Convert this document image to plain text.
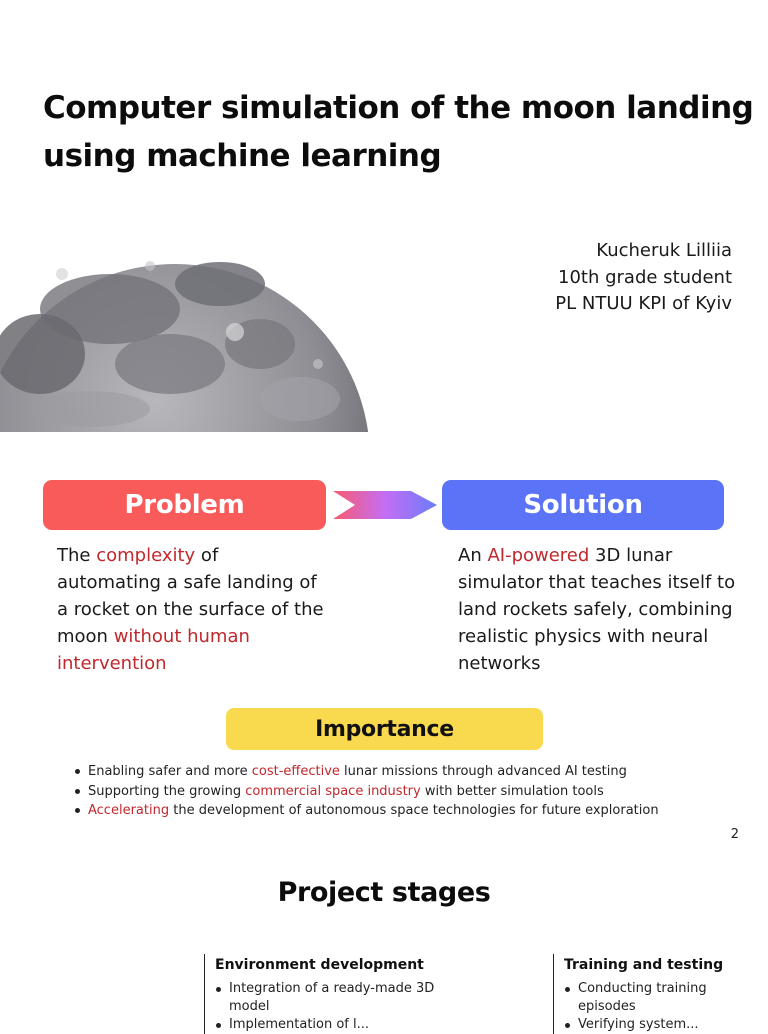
Computer simulation of the moon landing
using machine learning
Kucheruk Lilliia
10th grade student
PL NTUU KPI of Kyiv
Problem	Solution
The complexity of automating a safe landing of a rocket on the surface of the moon without human intervention
An AI-powered 3D lunar simulator that teaches itself to land rockets safely, combining realistic physics with neural networks
Importance
Enabling safer and more cost-effective lunar missions through advanced AI testing
Supporting the growing commercial space industry with better simulation tools
Accelerating the development of autonomous space technologies for future exploration
2
Project stages
Environment development
Integration of a ready-made 3D model
Implementation of l...
Training and testing
Conducting training episodes
Verifying system...
